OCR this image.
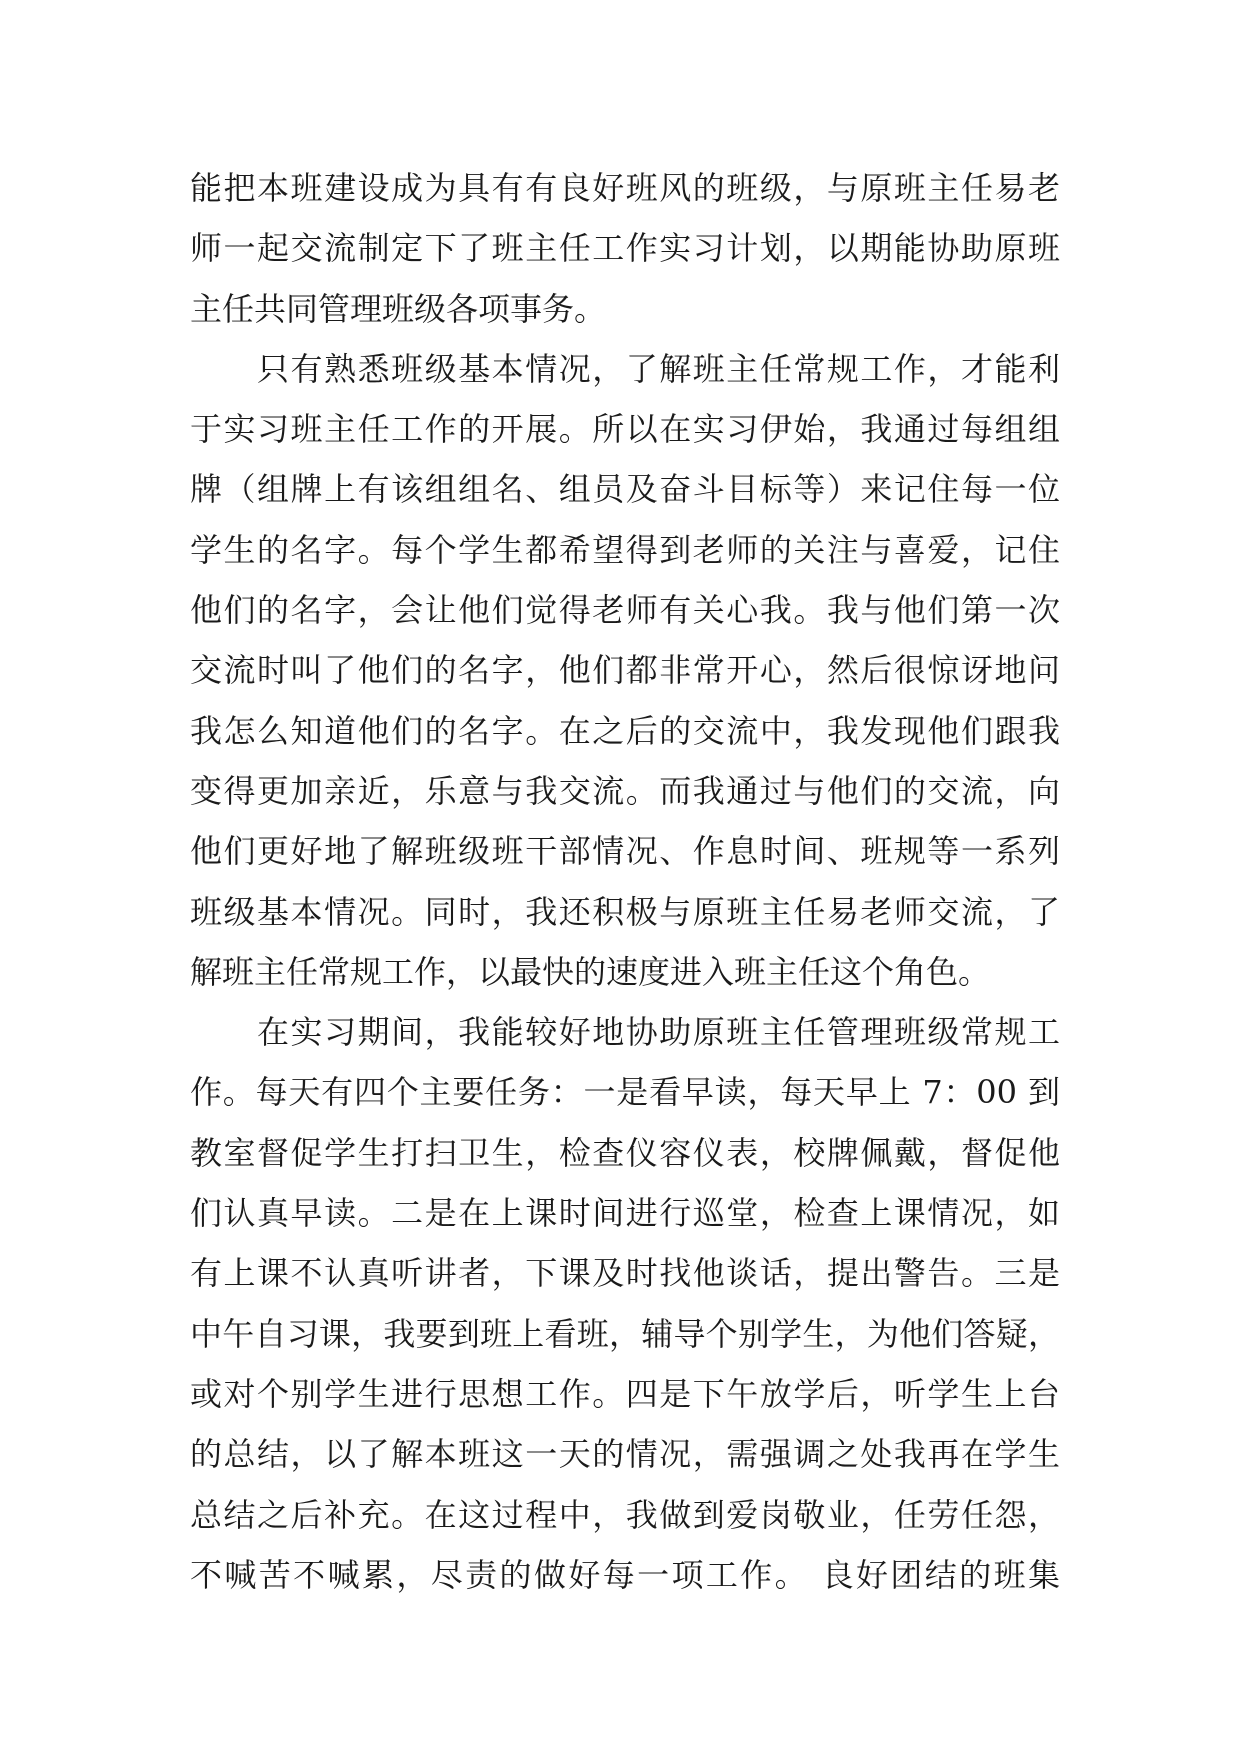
能把本班建设成为具有有良好班风的班级，与原班主任易老
师一起交流制定下了班主任工作实习计划，以期能协助原班
主任共同管理班级各项事务。
　　只有熟悉班级基本情况，了解班主任常规工作，才能利
于实习班主任工作的开展。所以在实习伊始，我通过每组组
牌（组牌上有该组组名、组员及奋斗目标等）来记住每一位
学生的名字。每个学生都希望得到老师的关注与喜爱，记住
他们的名字，会让他们觉得老师有关心我。我与他们第一次
交流时叫了他们的名字，他们都非常开心，然后很惊讶地问
我怎么知道他们的名字。在之后的交流中，我发现他们跟我
变得更加亲近，乐意与我交流。而我通过与他们的交流，向
他们更好地了解班级班干部情况、作息时间、班规等一系列
班级基本情况。同时，我还积极与原班主任易老师交流，了
解班主任常规工作，以最快的速度进入班主任这个角色。
　　在实习期间，我能较好地协助原班主任管理班级常规工
作。每天有四个主要任务：一是看早读，每天早上 7：00 到
教室督促学生打扫卫生，检查仪容仪表，校牌佩戴，督促他
们认真早读。二是在上课时间进行巡堂，检查上课情况，如
有上课不认真听讲者，下课及时找他谈话，提出警告。三是
中午自习课，我要到班上看班，辅导个别学生，为他们答疑，
或对个别学生进行思想工作。四是下午放学后，听学生上台
的总结，以了解本班这一天的情况，需强调之处我再在学生
总结之后补充。在这过程中，我做到爱岗敬业，任劳任怨，
不喊苦不喊累，尽责的做好每一项工作。 良好团结的班集
